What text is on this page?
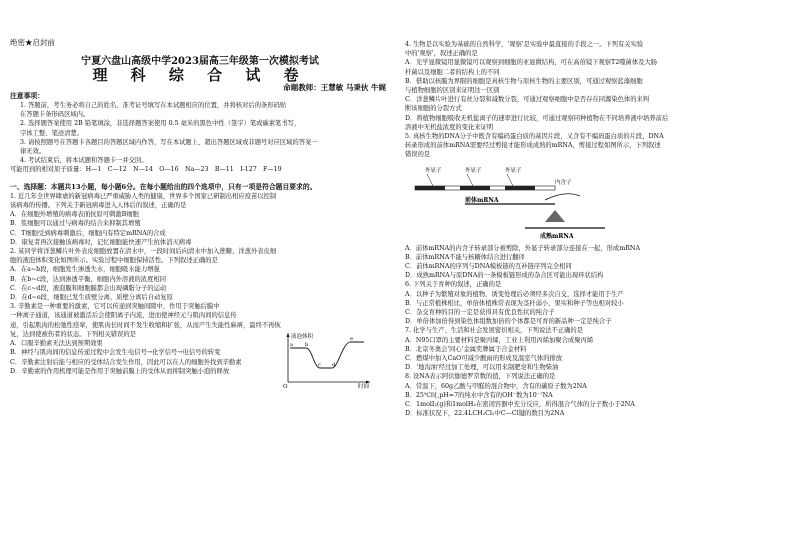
绝密★启封前
宁夏六盘山高级中学2023届高三年级第一次模拟考试
理 科 综 合 试 卷
命题教师：王慧敏 马秉伙 牛娓
注意事项：

1. 答题前，考生务必将自己的姓名、准考证号填写在本试题相应的位置，并将核对后的条形码贴

在答题卡条形码区域内。

2. 选择题答案使用 2B 铅笔填涂，非选择题答案使用 0.5 毫米的黑色中性（签字）笔或碳素笔书写，

字体工整、笔迹清楚。

3. 请按照题号在答题卡各题目的答题区域内作答，写在本试题上、超出答题区域或非题号对应区域的答案一

律无效。

4. 考试结束后，将本试题和答题卡一并交回。

可能用到的相对原子质量：H—1　C—12　N—14　O—16　Na—23　B—11　I-127　F—19

一、选择题：本题共13小题，每小题6分。在每小题给出的四个选项中，只有一项是符合题目要求的。

1. 近几年全世界肆虐的新冠病毒已严重威胁人类的健康，世界多个国家已研制出相应疫苗以控制

该病毒的传播。下列关于新冠病毒进入人体后的叙述，正确的是

A．在细胞外增殖的病毒表面抗原可刺激B细胞

B．浆细胞可以通过与病毒的结合来抑制其增殖

C．T细胞受到病毒刺激后，细胞内有特定mRNA的合成

D．康复者再次接触该病毒时，记忆细胞能快速产生抗体消灭病毒

2. 某同学将洋葱鳞片叶外表皮细胞放置在清水中，一段时间后向清水中加入蔗糖，洋葱外表皮细

胞的液泡体积变化如图所示。实验过程中细胞保持活性。下列叙述正确的是

A．在a~b段，细胞发生渗透失水，细胞吸水能力增强

B．在b~c段，达到渗透平衡，细胞内外溶液的浓度相同

C．在c~d段，液泡膜和细胞膜都会出现磷脂分子的运动

D．在d~e段，细胞已发生质壁分离，质壁分离后自动复原

3. 辛勤素是一种重要的激素，它可以传递到突触间隙中，作用于突触后膜中

一种离子通道，该通道被激活后会使阳离子内流，进而使神经元与肌肉间的信息传

递，引起肌肉的松弛性痉挛，使肌肉长时间不发生收缩和扩张，从而产生失能性麻痹，最终不再恢

复，达到使被伤者的状态。下列相关错误的是

A．口服辛勤素无法达到预期效果

B．神经与肌肉间的信息传递过程中会发生电信号→化学信号→电信号的转变

C．辛勤素注射后能与相应的受体结合发生作用，因此可以在人的细胞外找到辛勤素

D．辛勤素的作用机理可能是作用于突触前膜上的受体从而抑制突触小泡的释放

液泡体积
时间
O
a b
c d
e

4. 生物是以实验为基础的自然科学，'观察'是实验中最直接的手段之一。下列有关实验

中的'观察'，叙述正确的是

A．光学显微镜用显微镜可以观察到细胞的亚显微结构，可在高倍镜下观察T2噬菌体及大肠

杆菌以及细胞二者的结构上的不同

B．借助以核膜为界限的细胞是真核生物与原核生物的主要区别，可通过观察蓝藻细胞

与植物细胞的区别来证明这一区别

C．洋葱鳞片叶进行有丝分裂和减数分裂，可通过观察细胞中是否存在同源染色体的来判

断该细胞的分裂方式

D．将植物细胞吸收无机盐离子的速率进行比较，可通过观察同种植物在不同培养液中培养前后

溶液中无机盐浓度的变化来证明

5. 真核生物的DNA分子中既含有编码蛋白质的基因片段，又含有不编码蛋白质的片段，DNA

转录形成的前体mRNA需要经过剪接才能形成成熟的mRNA，剪接过程如图所示，下列叙述

错误的是

外显子	外显子	外显子
内含子
前体mRNA
成熟mRNA

A．前体mRNA的内含子转录部分被剪除，外显子转录部分连接在一起，形成mRNA

B．前体mRNA不能与核糖体结合进行翻译

C．前体mRNA的序列与DNA模板链的互补链序列完全相同

D．成熟mRNA与原DNA的一条模板链形成的杂合区可能出现环状结构

6. 下列关于育种的叙述，正确的是

A．以种子为繁殖对象的植物，诱变处理后必须经多次自交，选择才能用于生产

B．与正常植株相比，单倍体植株常表现为茎秆弱小，果实和种子等也相对较小

C．杂交育种的目的一定是获得具有优良性状的纯合子

D．单倍体加倍得到染色体组数加倍的个体都是可育的新品种一定是纯合子

7. 化学与生产、生活和社会发展密切相关，下列说法不正确的是

A．N95口罩的主要材料是聚丙烯，工业上利用丙烯加聚合成聚丙烯

B．北京冬奥会'同心'金属奖牌属于合金材料

C．燃煤中加入CaO可减少酸雨的形成及温室气体的排放

D．'地沟油'经过加工处理，可以用来制肥皂和生物柴油

8. 设NA表示阿伏伽德罗常数的值，下列说法正确的是

A．常温下，60g乙酸与甲醛的混合物中，含有的碳原子数为2NA

B．25℃时,pH=7的纯水中含有的OH⁻数为10⁻⁷NA

C．1molI₂(g)和1molH₂在密闭容器中充分反应，所得混合气体的分子数小于2NA

D．标准状况下，22.4LCH₂Cl₂中C—Cl键的数目为2NA
